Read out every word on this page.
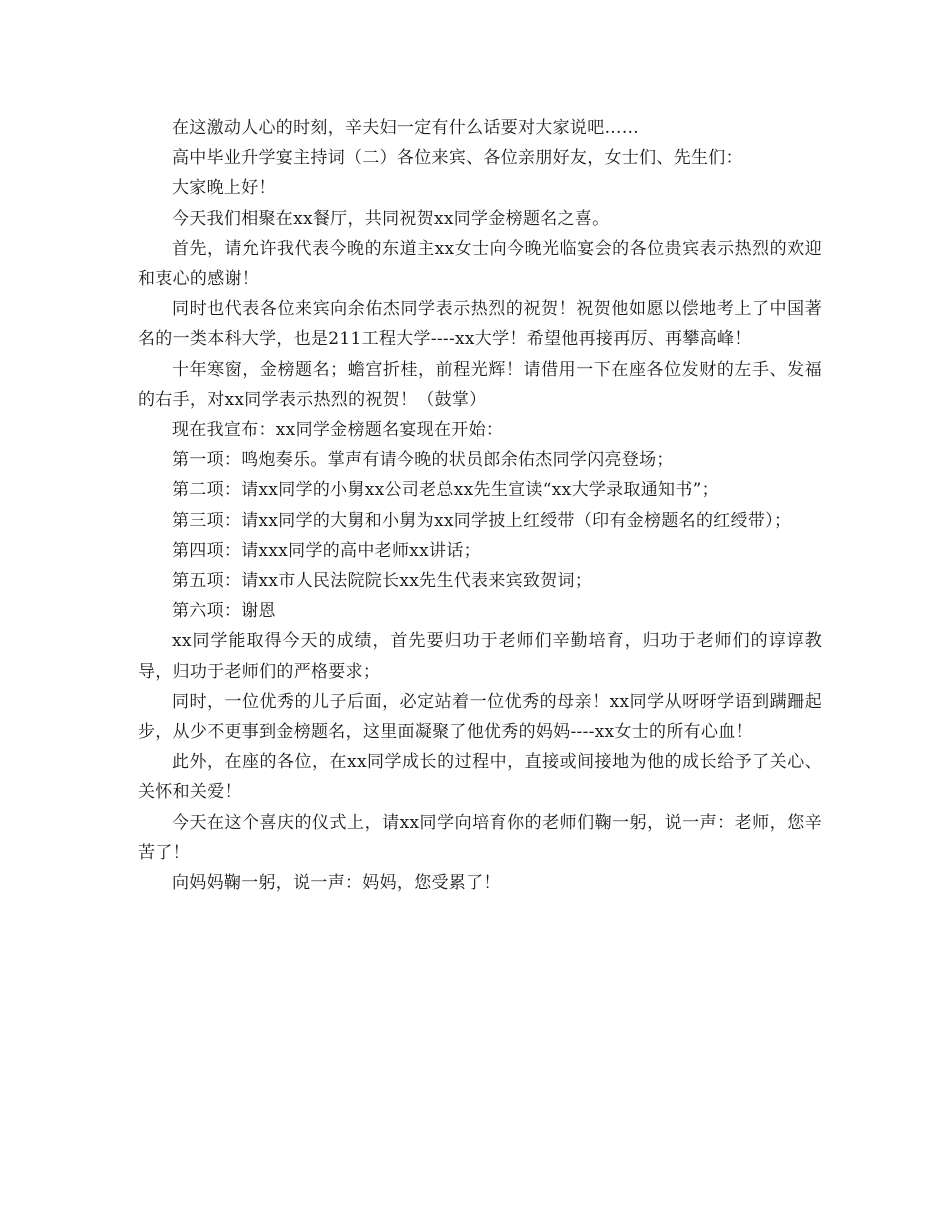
在这激动人心的时刻，辛夫妇一定有什么话要对大家说吧……

高中毕业升学宴主持词（二）各位来宾、各位亲朋好友，女士们、先生们：

大家晚上好！

今天我们相聚在xx餐厅，共同祝贺xx同学金榜题名之喜。

首先，请允许我代表今晚的东道主xx女士向今晚光临宴会的各位贵宾表示热烈的欢迎和衷心的感谢！

同时也代表各位来宾向余佑杰同学表示热烈的祝贺！祝贺他如愿以偿地考上了中国著名的一类本科大学，也是211工程大学----xx大学！希望他再接再厉、再攀高峰！

十年寒窗，金榜题名；蟾宫折桂，前程光辉！请借用一下在座各位发财的左手、发福的右手，对xx同学表示热烈的祝贺！（鼓掌）

现在我宣布：xx同学金榜题名宴现在开始：

第一项：鸣炮奏乐。掌声有请今晚的状员郎余佑杰同学闪亮登场；

第二项：请xx同学的小舅xx公司老总xx先生宣读“xx大学录取通知书”；

第三项：请xx同学的大舅和小舅为xx同学披上红绶带（印有金榜题名的红绶带）；

第四项：请xxx同学的高中老师xx讲话；

第五项：请xx市人民法院院长xx先生代表来宾致贺词；

第六项：谢恩

xx同学能取得今天的成绩，首先要归功于老师们辛勤培育，归功于老师们的谆谆教导，归功于老师们的严格要求；

同时，一位优秀的儿子后面，必定站着一位优秀的母亲！xx同学从呀呀学语到蹒跚起步，从少不更事到金榜题名，这里面凝聚了他优秀的妈妈----xx女士的所有心血！

此外，在座的各位，在xx同学成长的过程中，直接或间接地为他的成长给予了关心、关怀和关爱！

今天在这个喜庆的仪式上，请xx同学向培育你的老师们鞠一躬，说一声：老师，您辛苦了！

向妈妈鞠一躬，说一声：妈妈，您受累了！
